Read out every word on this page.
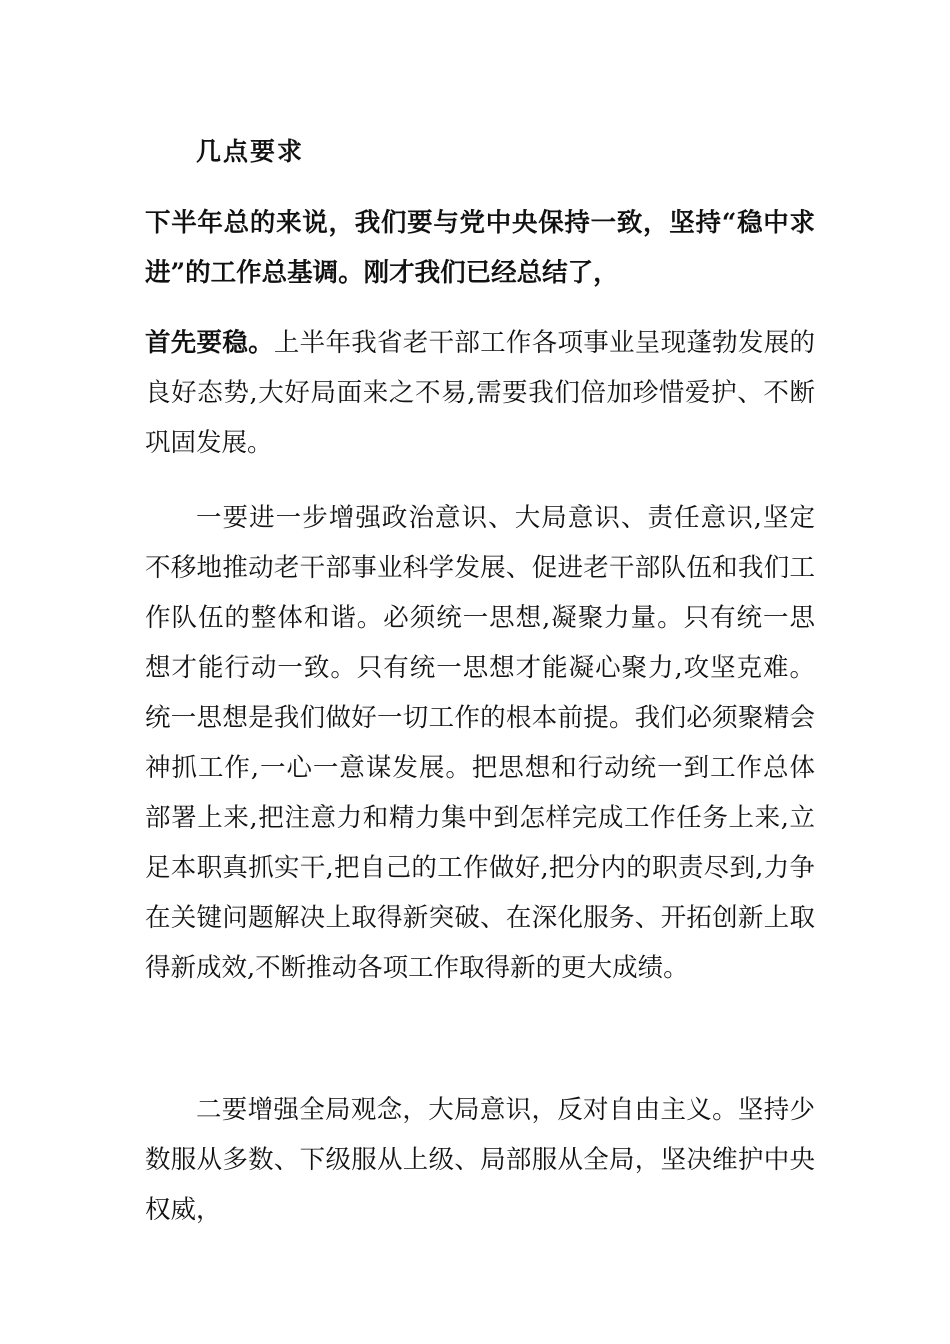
几点要求

下半年总的来说，我们要与党中央保持一致，坚持“稳中求进”的工作总基调。刚才我们已经总结了，

首先要稳。上半年我省老干部工作各项事业呈现蓬勃发展的良好态势,大好局面来之不易,需要我们倍加珍惜爱护、不断巩固发展。

一要进一步增强政治意识、大局意识、责任意识,坚定不移地推动老干部事业科学发展、促进老干部队伍和我们工作队伍的整体和谐。必须统一思想,凝聚力量。只有统一思想才能行动一致。只有统一思想才能凝心聚力,攻坚克难。统一思想是我们做好一切工作的根本前提。我们必须聚精会神抓工作,一心一意谋发展。把思想和行动统一到工作总体部署上来,把注意力和精力集中到怎样完成工作任务上来,立足本职真抓实干,把自己的工作做好,把分内的职责尽到,力争在关键问题解决上取得新突破、在深化服务、开拓创新上取得新成效,不断推动各项工作取得新的更大成绩。

二要增强全局观念，大局意识，反对自由主义。坚持少数服从多数、下级服从上级、局部服从全局，坚决维护中央权威，
